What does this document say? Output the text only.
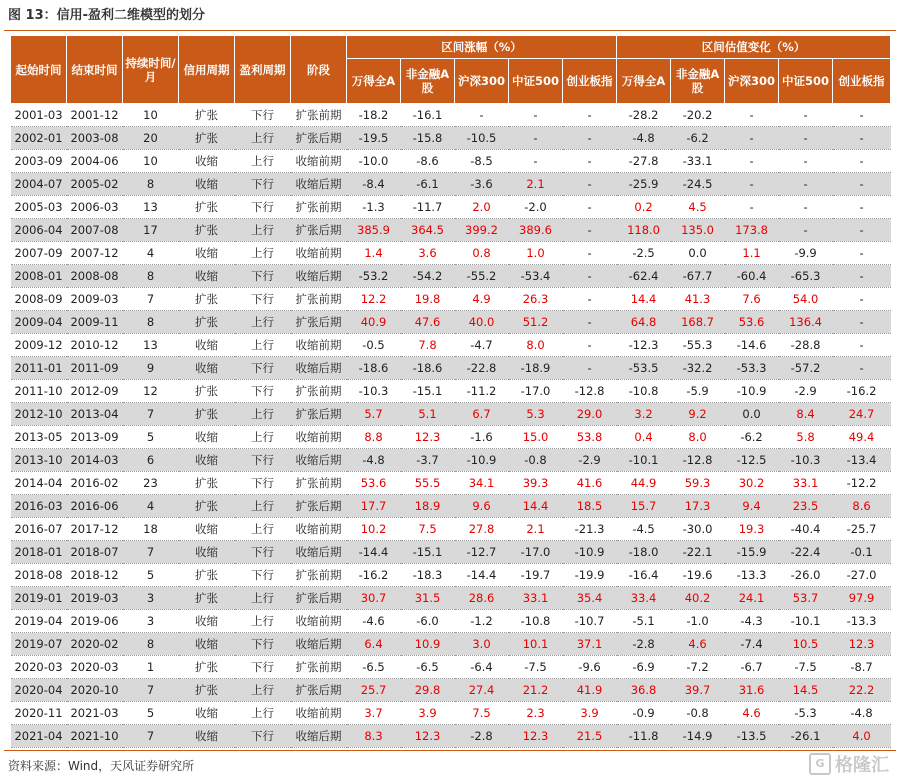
图 13：信用-盈利二维模型的划分
起始时间	结束时间	持续时间/月	信用周期	盈利周期	阶段	区间涨幅（%）					区间估值变化（%）				
						万得全A	非金融A股	沪深300	中证500	创业板指	万得全A	非金融A股	沪深300	中证500	创业板指
2001-03	2001-12	10	扩张	下行	扩张前期	-18.2	-16.1	-	-	-	-28.2	-20.2	-	-	-
2002-01	2003-08	20	扩张	上行	扩张后期	-19.5	-15.8	-10.5	-	-	-4.8	-6.2	-	-	-
2003-09	2004-06	10	收缩	上行	收缩前期	-10.0	-8.6	-8.5	-	-	-27.8	-33.1	-	-	-
2004-07	2005-02	8	收缩	下行	收缩后期	-8.4	-6.1	-3.6	2.1	-	-25.9	-24.5	-	-	-
2005-03	2006-03	13	扩张	下行	扩张前期	-1.3	-11.7	2.0	-2.0	-	0.2	4.5	-	-	-
2006-04	2007-08	17	扩张	上行	扩张后期	385.9	364.5	399.2	389.6	-	118.0	135.0	173.8	-	-
2007-09	2007-12	4	收缩	上行	收缩前期	1.4	3.6	0.8	1.0	-	-2.5	0.0	1.1	-9.9	-
2008-01	2008-08	8	收缩	下行	收缩后期	-53.2	-54.2	-55.2	-53.4	-	-62.4	-67.7	-60.4	-65.3	-
2008-09	2009-03	7	扩张	下行	扩张前期	12.2	19.8	4.9	26.3	-	14.4	41.3	7.6	54.0	-
2009-04	2009-11	8	扩张	上行	扩张后期	40.9	47.6	40.0	51.2	-	64.8	168.7	53.6	136.4	-
2009-12	2010-12	13	收缩	上行	收缩前期	-0.5	7.8	-4.7	8.0	-	-12.3	-55.3	-14.6	-28.8	-
2011-01	2011-09	9	收缩	下行	收缩后期	-18.6	-18.6	-22.8	-18.9	-	-53.5	-32.2	-53.3	-57.2	-
2011-10	2012-09	12	扩张	下行	扩张前期	-10.3	-15.1	-11.2	-17.0	-12.8	-10.8	-5.9	-10.9	-2.9	-16.2
2012-10	2013-04	7	扩张	上行	扩张后期	5.7	5.1	6.7	5.3	29.0	3.2	9.2	0.0	8.4	24.7
2013-05	2013-09	5	收缩	上行	收缩前期	8.8	12.3	-1.6	15.0	53.8	0.4	8.0	-6.2	5.8	49.4
2013-10	2014-03	6	收缩	下行	收缩后期	-4.8	-3.7	-10.9	-0.8	-2.9	-10.1	-12.8	-12.5	-10.3	-13.4
2014-04	2016-02	23	扩张	下行	扩张前期	53.6	55.5	34.1	39.3	41.6	44.9	59.3	30.2	33.1	-12.2
2016-03	2016-06	4	扩张	上行	扩张后期	17.7	18.9	9.6	14.4	18.5	15.7	17.3	9.4	23.5	8.6
2016-07	2017-12	18	收缩	上行	收缩前期	10.2	7.5	27.8	2.1	-21.3	-4.5	-30.0	19.3	-40.4	-25.7
2018-01	2018-07	7	收缩	下行	收缩后期	-14.4	-15.1	-12.7	-17.0	-10.9	-18.0	-22.1	-15.9	-22.4	-0.1
2018-08	2018-12	5	扩张	下行	扩张前期	-16.2	-18.3	-14.4	-19.7	-19.9	-16.4	-19.6	-13.3	-26.0	-27.0
2019-01	2019-03	3	扩张	上行	扩张后期	30.7	31.5	28.6	33.1	35.4	33.4	40.2	24.1	53.7	97.9
2019-04	2019-06	3	收缩	上行	收缩前期	-4.6	-6.0	-1.2	-10.8	-10.7	-5.1	-1.0	-4.3	-10.1	-13.3
2019-07	2020-02	8	收缩	下行	收缩后期	6.4	10.9	3.0	10.1	37.1	-2.8	4.6	-7.4	10.5	12.3
2020-03	2020-03	1	扩张	下行	扩张前期	-6.5	-6.5	-6.4	-7.5	-9.6	-6.9	-7.2	-6.7	-7.5	-8.7
2020-04	2020-10	7	扩张	上行	扩张后期	25.7	29.8	27.4	21.2	41.9	36.8	39.7	31.6	14.5	22.2
2020-11	2021-03	5	收缩	上行	收缩前期	3.7	3.9	7.5	2.3	3.9	-0.9	-0.8	4.6	-5.3	-4.8
2021-04	2021-10	7	收缩	下行	收缩后期	8.3	12.3	-2.8	12.3	21.5	-11.8	-14.9	-13.5	-26.1	4.0
资料来源：Wind，天风证券研究所	G 格隆汇
